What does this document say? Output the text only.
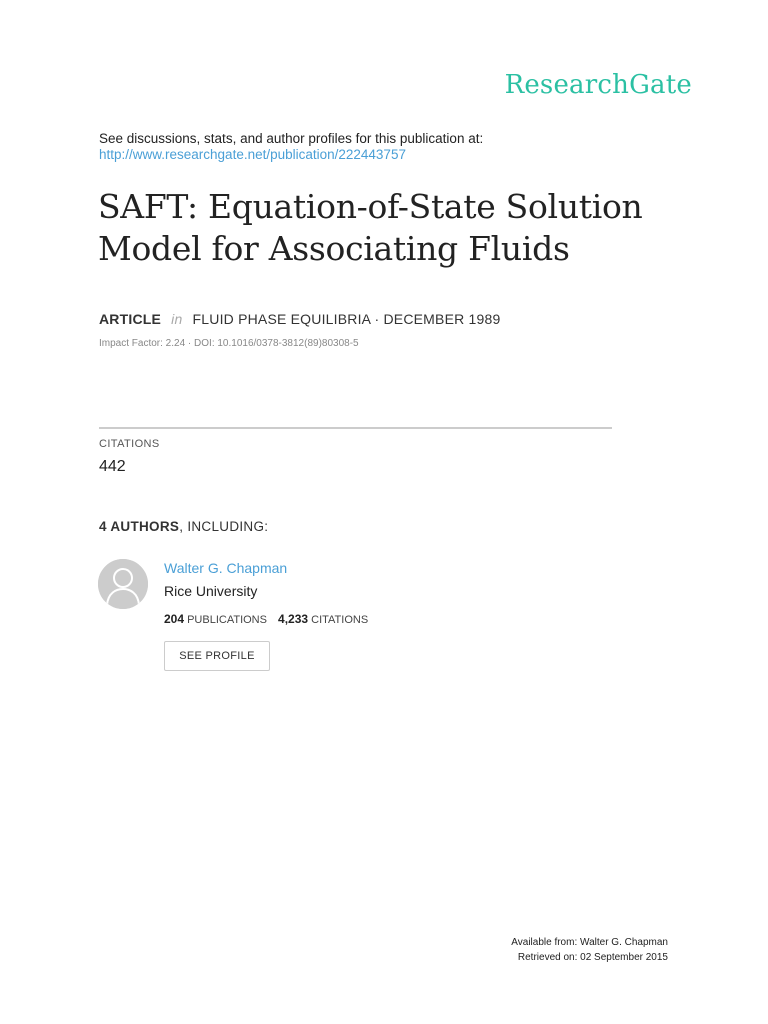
ResearchGate
See discussions, stats, and author profiles for this publication at:
http://www.researchgate.net/publication/222443757
SAFT: Equation-of-State Solution Model for Associating Fluids
ARTICLE in FLUID PHASE EQUILIBRIA · DECEMBER 1989
Impact Factor: 2.24 · DOI: 10.1016/0378-3812(89)80308-5
CITATIONS
442
4 AUTHORS, INCLUDING:
Walter G. Chapman
Rice University
204 PUBLICATIONS 4,233 CITATIONS
SEE PROFILE
Available from: Walter G. Chapman
Retrieved on: 02 September 2015
